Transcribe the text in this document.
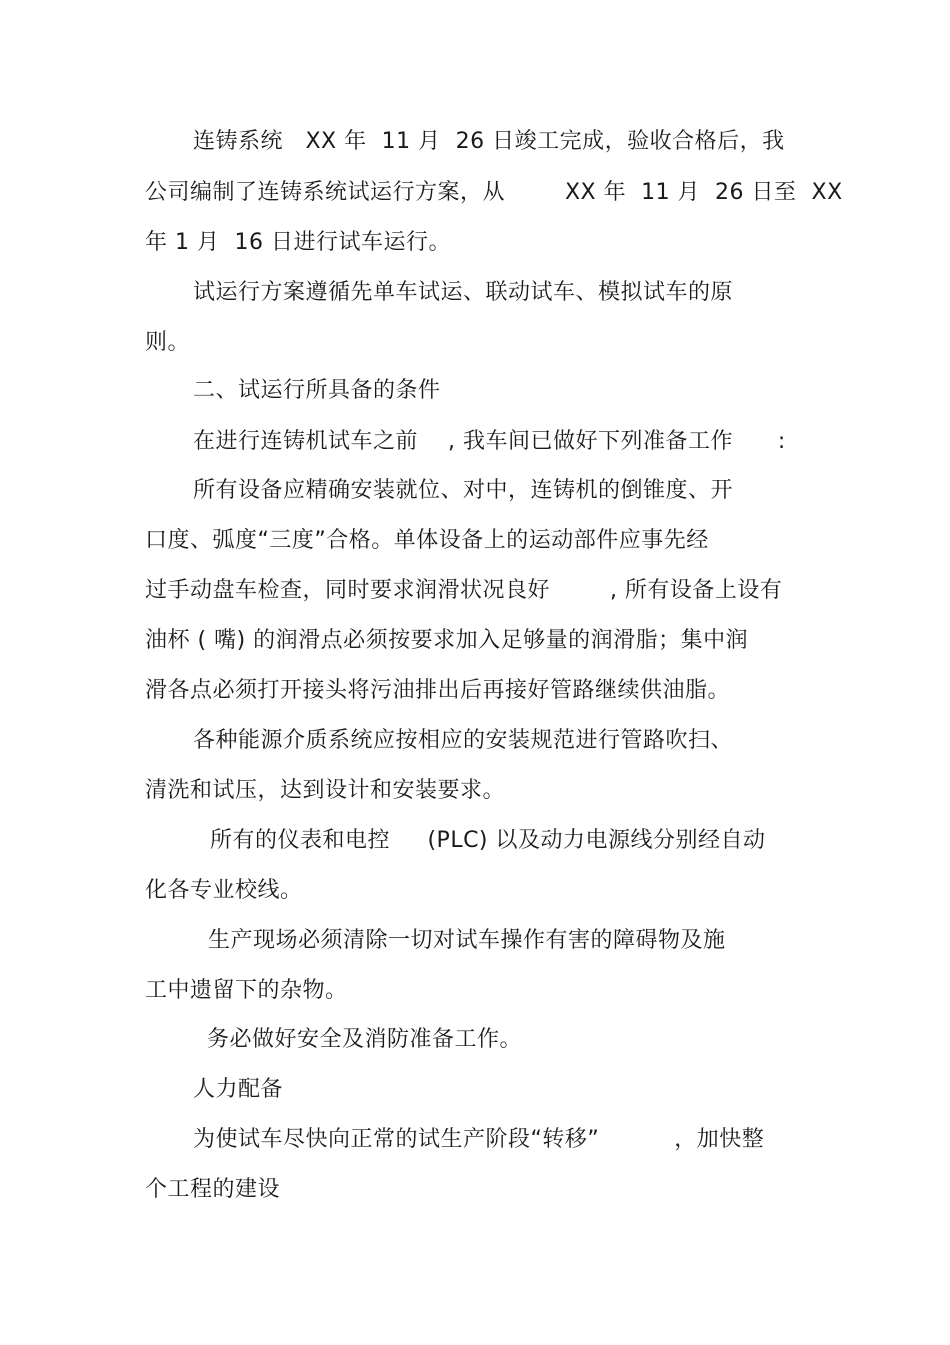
连铸系统   XX 年  11 月  26 日竣工完成，验收合格后，我
公司编制了连铸系统试运行方案，从        XX 年  11 月  26 日至  XX
年 1 月  16 日进行试车运行。
试运行方案遵循先单车试运、联动试车、模拟试车的原
则。
二、试运行所具备的条件
在进行连铸机试车之前    , 我车间已做好下列准备工作      :
所有设备应精确安装就位、对中，连铸机的倒锥度、开
口度、弧度“三度”合格。单体设备上的运动部件应事先经
过手动盘车检查，同时要求润滑状况良好        , 所有设备上设有
油杯 ( 嘴) 的润滑点必须按要求加入足够量的润滑脂；集中润
滑各点必须打开接头将污油排出后再接好管路继续供油脂。
各种能源介质系统应按相应的安装规范进行管路吹扫、
清洗和试压，达到设计和安装要求。
所有的仪表和电控     (PLC) 以及动力电源线分别经自动
化各专业校线。
生产现场必须清除一切对试车操作有害的障碍物及施
工中遗留下的杂物。
务必做好安全及消防准备工作。
人力配备
为使试车尽快向正常的试生产阶段“转移”          ，加快整
个工程的建设
